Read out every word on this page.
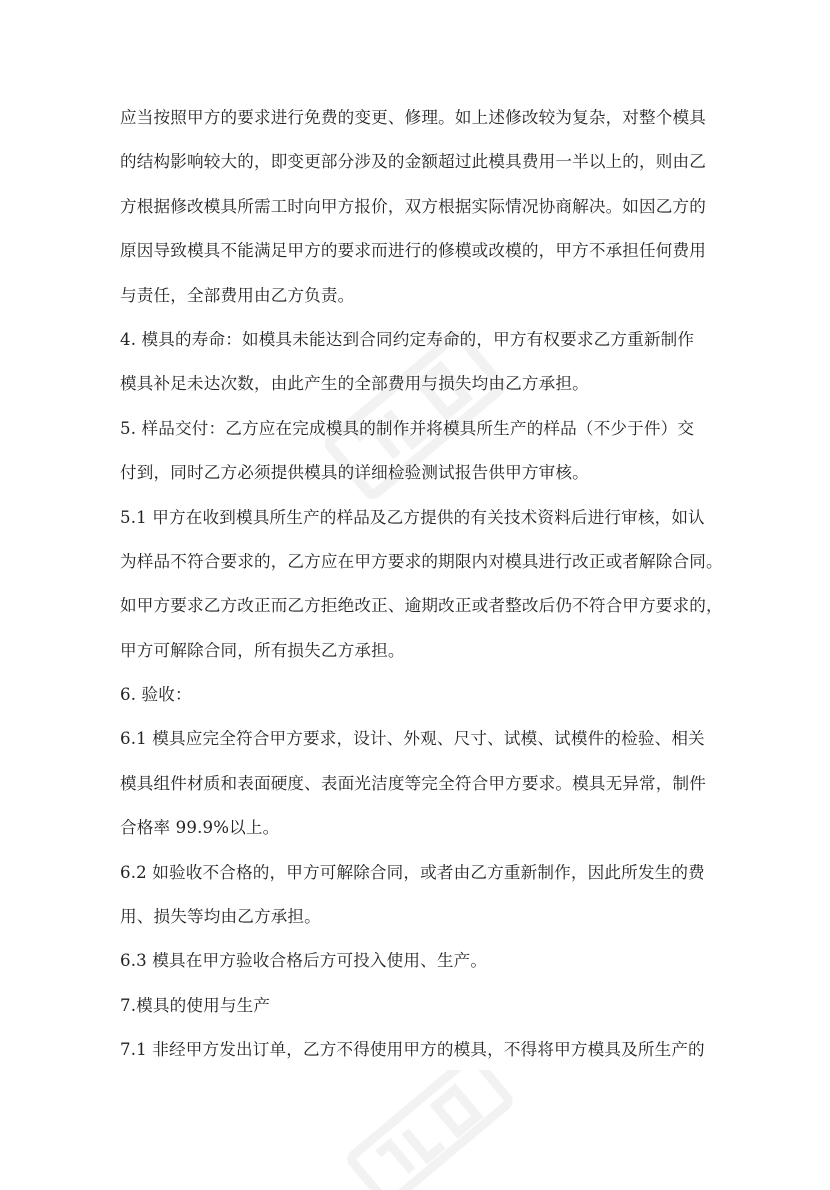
应当按照甲方的要求进行免费的变更、修理。如上述修改较为复杂，对整个模具
的结构影响较大的，即变更部分涉及的金额超过此模具费用一半以上的，则由乙
方根据修改模具所需工时向甲方报价，双方根据实际情况协商解决。如因乙方的
原因导致模具不能满足甲方的要求而进行的修模或改模的，甲方不承担任何费用
与责任，全部费用由乙方负责。
4. 模具的寿命：如模具未能达到合同约定寿命的，甲方有权要求乙方重新制作
模具补足未达次数，由此产生的全部费用与损失均由乙方承担。
5. 样品交付：乙方应在完成模具的制作并将模具所生产的样品（不少于件）交
付到，同时乙方必须提供模具的详细检验测试报告供甲方审核。
5.1 甲方在收到模具所生产的样品及乙方提供的有关技术资料后进行审核，如认
为样品不符合要求的，乙方应在甲方要求的期限内对模具进行改正或者解除合同。
如甲方要求乙方改正而乙方拒绝改正、逾期改正或者整改后仍不符合甲方要求的，
甲方可解除合同，所有损失乙方承担。
6. 验收：
6.1 模具应完全符合甲方要求，设计、外观、尺寸、试模、试模件的检验、相关
模具组件材质和表面硬度、表面光洁度等完全符合甲方要求。模具无异常，制件
合格率 99.9%以上。
6.2 如验收不合格的，甲方可解除合同，或者由乙方重新制作，因此所发生的费
用、损失等均由乙方承担。
6.3 模具在甲方验收合格后方可投入使用、生产。
7.模具的使用与生产
7.1 非经甲方发出订单，乙方不得使用甲方的模具，不得将甲方模具及所生产的
